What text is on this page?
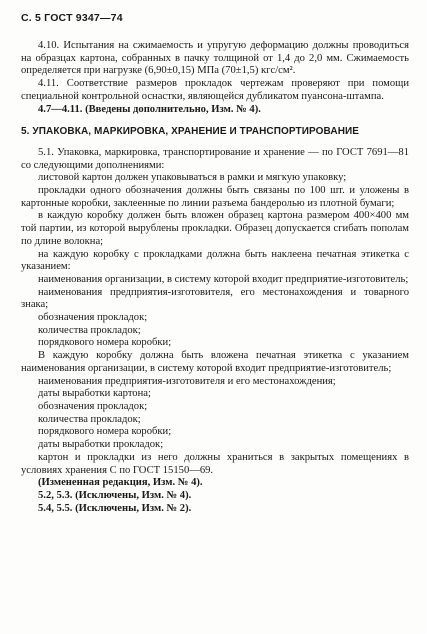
С. 5 ГОСТ 9347—74

4.10. Испытания на сжимаемость и упругую деформацию должны проводиться на образцах картона, собранных в пачку толщиной от 1,4 до 2,0 мм. Сжимаемость определяется при нагрузке (6,90±0,15) МПа (70±1,5) кгс/см².

4.11. Соответствие размеров прокладок чертежам проверяют при помощи специальной контрольной оснастки, являющейся дубликатом пуансона-штампа.

4.7—4.11. (Введены дополнительно, Изм. № 4).

5. УПАКОВКА, МАРКИРОВКА, ХРАНЕНИЕ И ТРАНСПОРТИРОВАНИЕ

5.1. Упаковка, маркировка, транспортирование и хранение — по ГОСТ 7691—81 со следующими дополнениями:

листовой картон должен упаковываться в рамки и мягкую упаковку;

прокладки одного обозначения должны быть связаны по 100 шт. и уложены в картонные коробки, заклеенные по линии разъема бандеролью из плотной бумаги;

в каждую коробку должен быть вложен образец картона размером 400×400 мм той партии, из которой вырублены прокладки. Образец допускается сгибать пополам по длине волокна;

на каждую коробку с прокладками должна быть наклеена печатная этикетка с указанием:

наименования организации, в систему которой входит предприятие-изготовитель;

наименования предприятия-изготовителя, его местонахождения и товарного знака;

обозначения прокладок;

количества прокладок;

порядкового номера коробки;

В каждую коробку должна быть вложена печатная этикетка с указанием наименования организации, в систему которой входит предприятие-изготовитель;

наименования предприятия-изготовителя и его местонахождения;

даты выработки картона;

обозначения прокладок;

количества прокладок;

порядкового номера коробки;

даты выработки прокладок;

картон и прокладки из него должны храниться в закрытых помещениях в условиях хранения С по ГОСТ 15150—69.

(Измененная редакция, Изм. № 4).

5.2, 5.3. (Исключены, Изм. № 4).

5.4, 5.5. (Исключены, Изм. № 2).
